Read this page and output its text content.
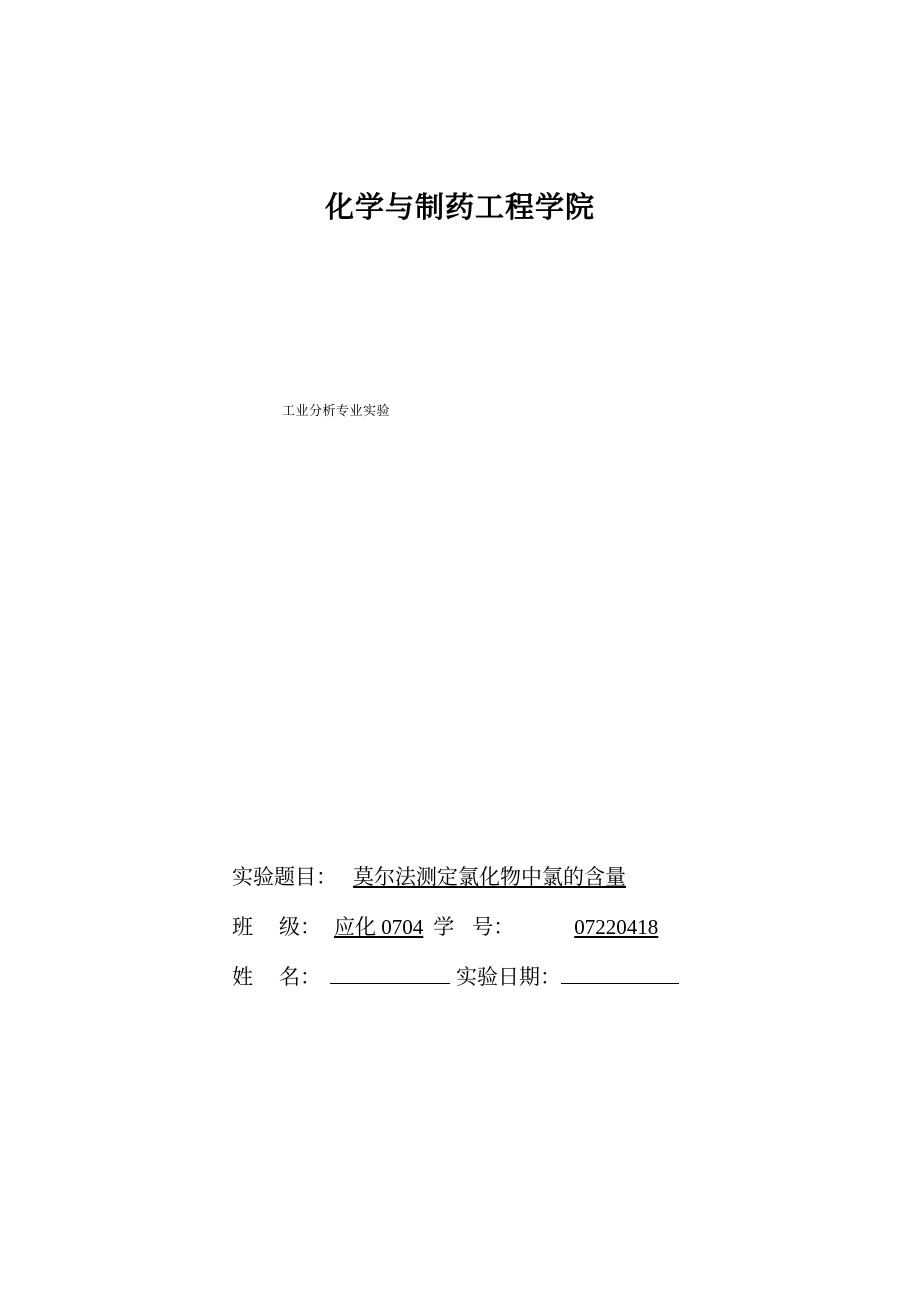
化学与制药工程学院
工业分析专业实验
实验题目： 莫尔法测定氯化物中氯的含量
班 级： 应化 0704 学 号：	07220418
姓 名：	实验日期：
